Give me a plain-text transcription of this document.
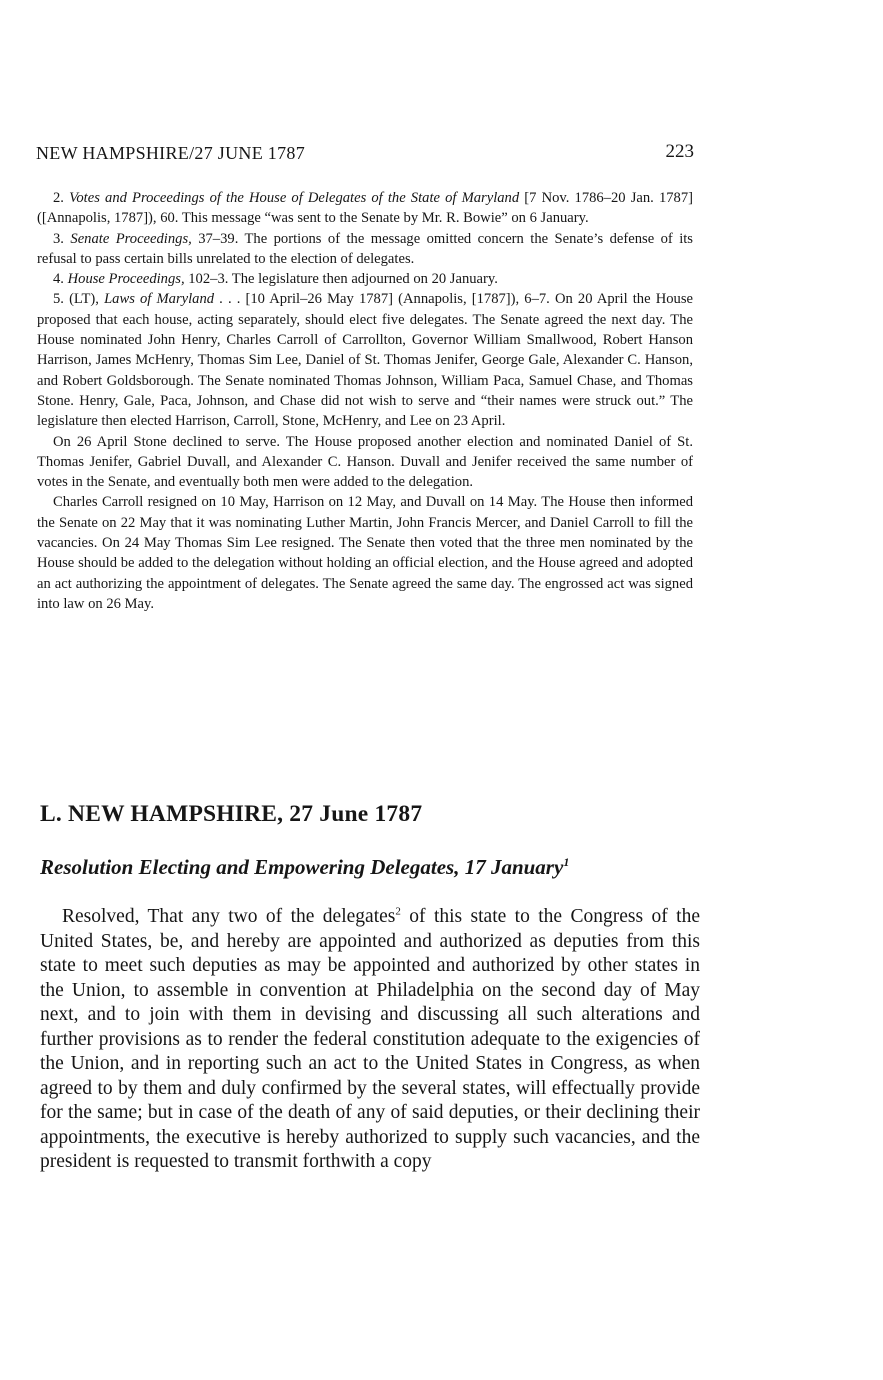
NEW HAMPSHIRE/27 JUNE 1787	223

2. Votes and Proceedings of the House of Delegates of the State of Maryland [7 Nov. 1786–20 Jan. 1787] ([Annapolis, 1787]), 60. This message “was sent to the Senate by Mr. R. Bowie” on 6 January.

3. Senate Proceedings, 37–39. The portions of the message omitted concern the Senate’s defense of its refusal to pass certain bills unrelated to the election of delegates.

4. House Proceedings, 102–3. The legislature then adjourned on 20 January.

5. (LT), Laws of Maryland . . . [10 April–26 May 1787] (Annapolis, [1787]), 6–7. On 20 April the House proposed that each house, acting separately, should elect five delegates. The Senate agreed the next day. The House nominated John Henry, Charles Carroll of Carrollton, Governor William Smallwood, Robert Hanson Harrison, James McHenry, Thomas Sim Lee, Daniel of St. Thomas Jenifer, George Gale, Alexander C. Hanson, and Robert Goldsborough. The Senate nominated Thomas Johnson, William Paca, Samuel Chase, and Thomas Stone. Henry, Gale, Paca, Johnson, and Chase did not wish to serve and “their names were struck out.” The legislature then elected Harrison, Carroll, Stone, McHenry, and Lee on 23 April.

On 26 April Stone declined to serve. The House proposed another election and nominated Daniel of St. Thomas Jenifer, Gabriel Duvall, and Alexander C. Hanson. Duvall and Jenifer received the same number of votes in the Senate, and eventually both men were added to the delegation.

Charles Carroll resigned on 10 May, Harrison on 12 May, and Duvall on 14 May. The House then informed the Senate on 22 May that it was nominating Luther Martin, John Francis Mercer, and Daniel Carroll to fill the vacancies. On 24 May Thomas Sim Lee resigned. The Senate then voted that the three men nominated by the House should be added to the delegation without holding an official election, and the House agreed and adopted an act authorizing the appointment of delegates. The Senate agreed the same day. The engrossed act was signed into law on 26 May.

L. NEW HAMPSHIRE, 27 June 1787
Resolution Electing and Empowering Delegates, 17 January$^1$

Resolved, That any two of the delegates$^2$ of this state to the Congress of the United States, be, and hereby are appointed and authorized as deputies from this state to meet such deputies as may be appointed and authorized by other states in the Union, to assemble in convention at Philadelphia on the second day of May next, and to join with them in devising and discussing all such alterations and further provisions as to render the federal constitution adequate to the exigencies of the Union, and in reporting such an act to the United States in Congress, as when agreed to by them and duly confirmed by the several states, will effectually provide for the same; but in case of the death of any of said deputies, or their declining their appointments, the executive is hereby authorized to supply such vacancies, and the president is requested to transmit forthwith a copy
